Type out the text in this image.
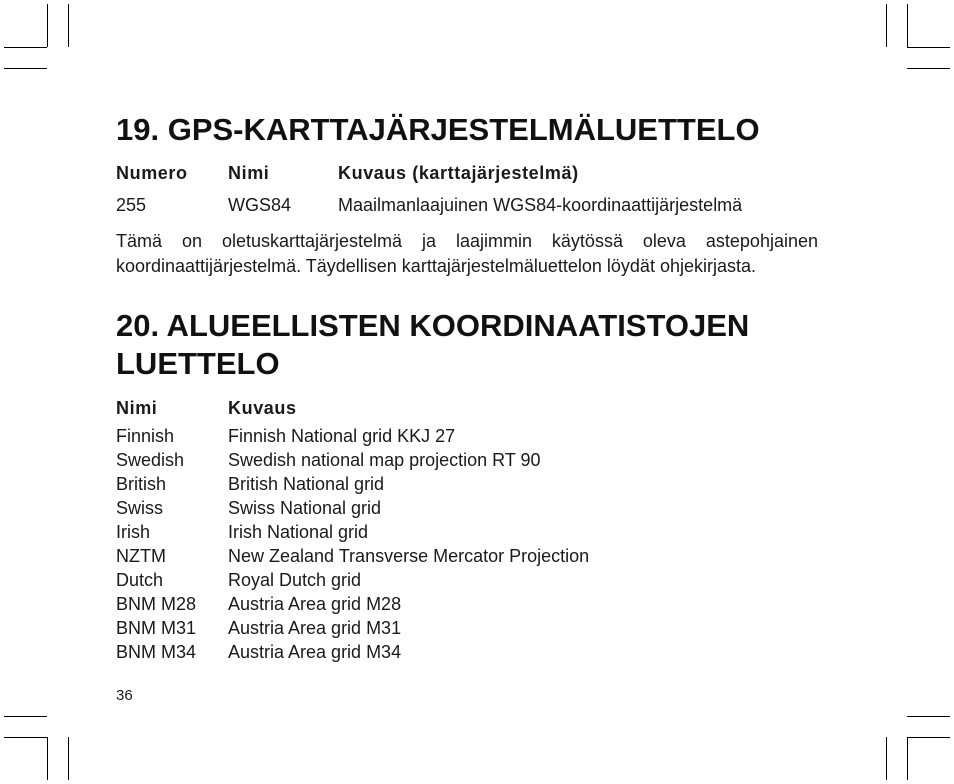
19. GPS-KARTTAJÄRJESTELMÄLUETTELO
Numero Nimi	Kuvaus (karttajärjestelmä)
255	WGS84	Maailmanlaajuinen WGS84-koordinaattijärjestelmä
Tämä on oletuskarttajärjestelmä ja laajimmin käytössä oleva astepohjainen koordinaattijärjestelmä. Täydellisen karttajärjestelmäluettelon löydät ohjekirjasta.
20. ALUEELLISTEN KOORDINAATISTOJEN LUETTELO
Nimi	Kuvaus
Finnish	Finnish National grid KKJ 27
Swedish Swedish national map projection RT 90
British	British National grid
Swiss	Swiss National grid
Irish	Irish National grid
NZTM	New Zealand Transverse Mercator Projection
Dutch	Royal Dutch grid
BNM M28 Austria Area grid M28
BNM M31 Austria Area grid M31
BNM M34 Austria Area grid M34
36
